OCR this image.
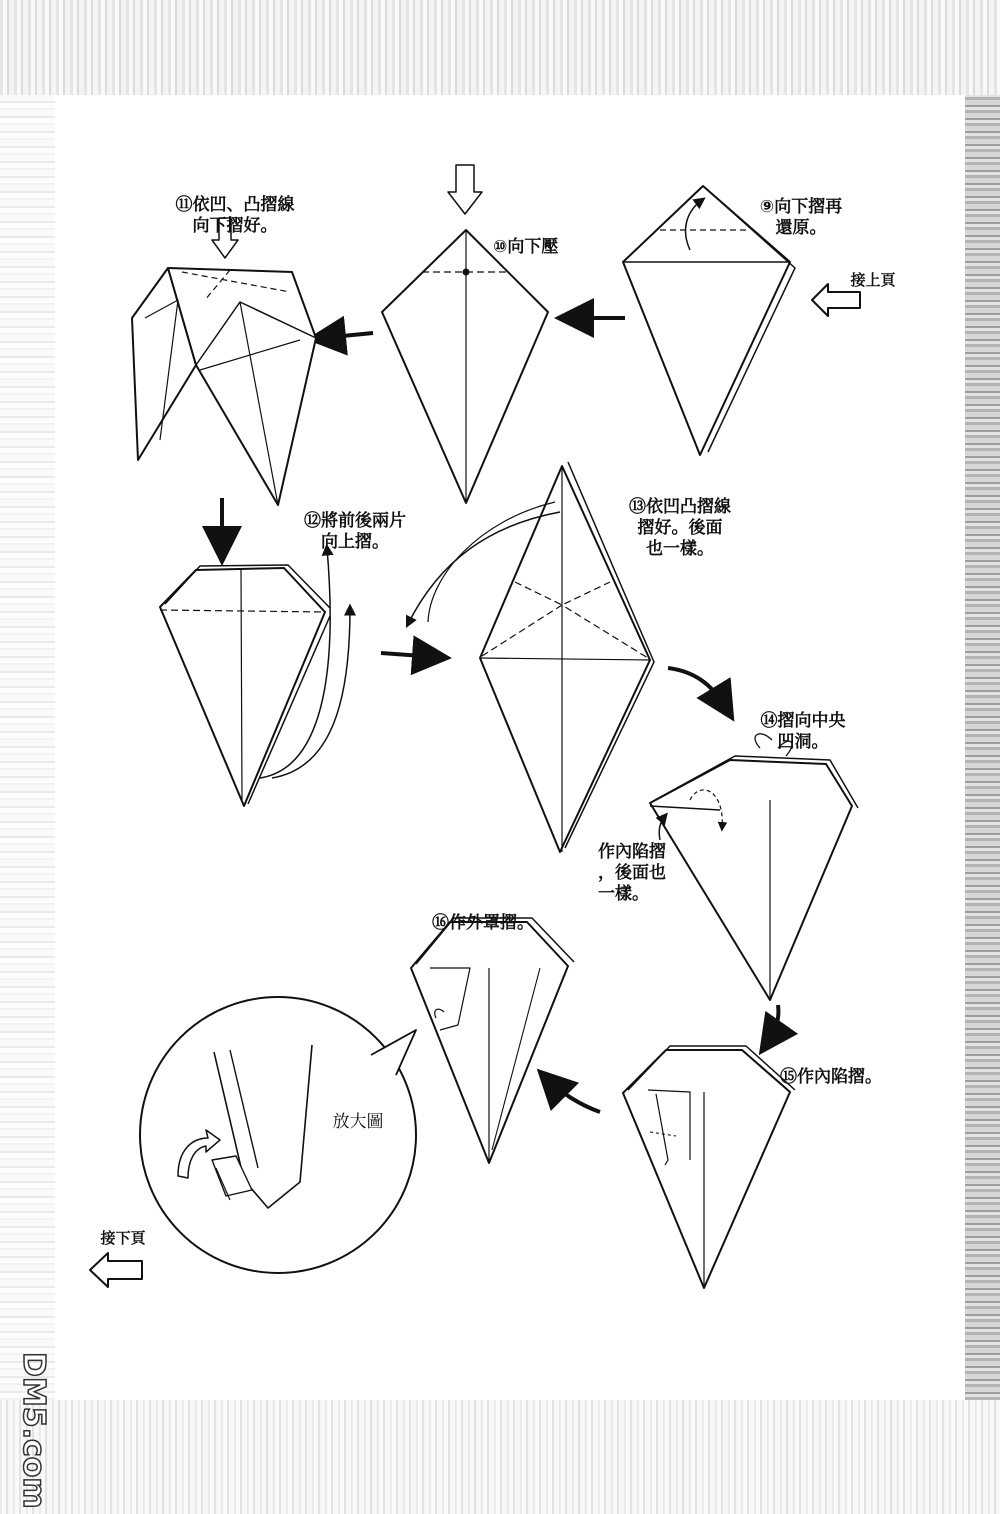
⑪依凹、凸摺線
向下摺好。

⑩向下壓

⑨向下摺再
還原。

接上頁

⑫將前後兩片
向上摺。

⑬依凹凸摺線
摺好。後面
也一樣。

⑭摺向中央
凹洞。

作內陷摺
，後面也
一樣。

⑮作內陷摺。

⑯作外罩摺。

放大圖
接下頁
DM5.com
